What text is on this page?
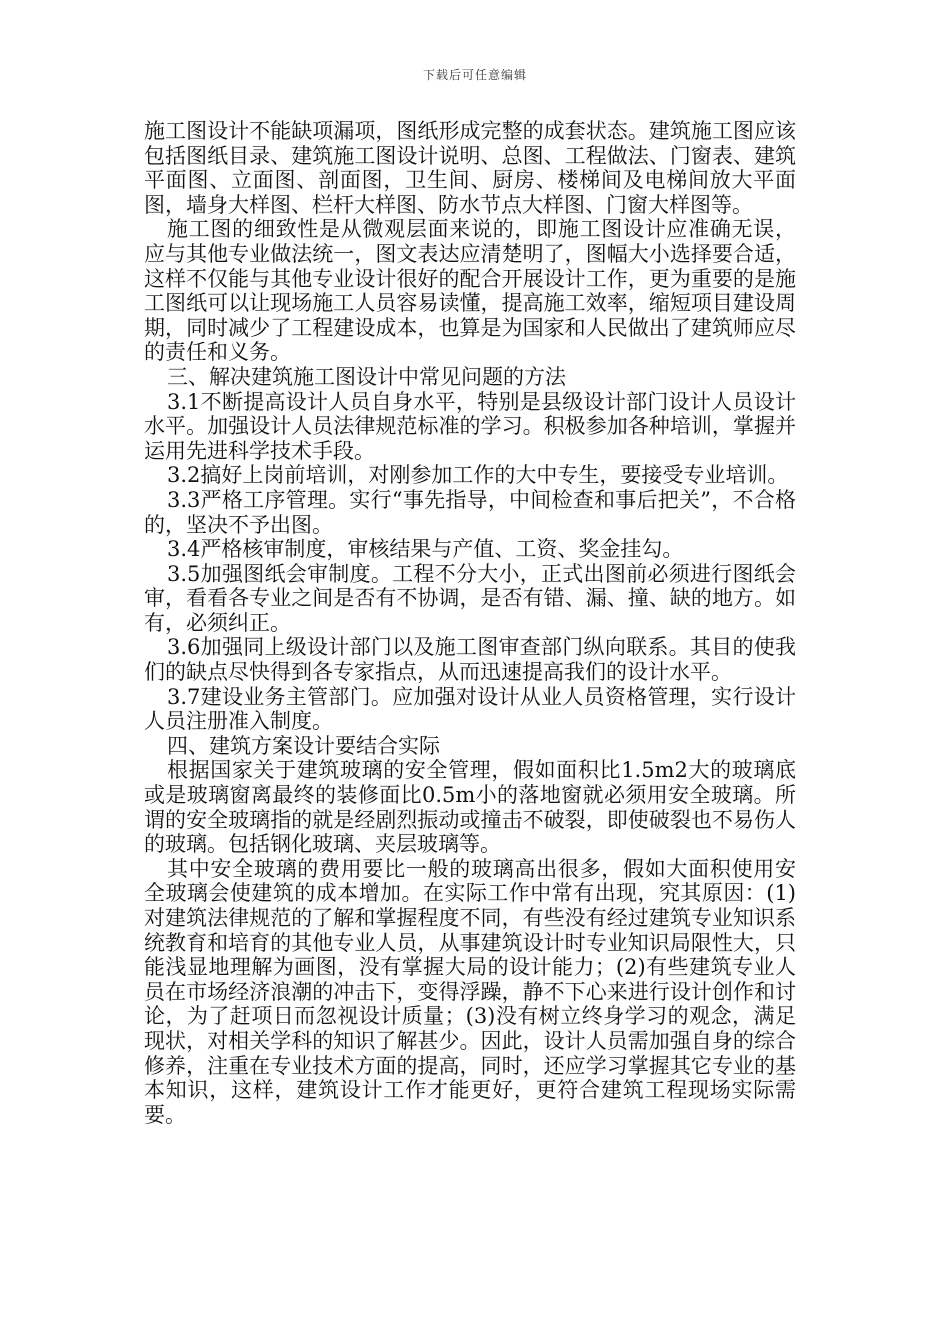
下载后可任意编辑

施工图设计不能缺项漏项，图纸形成完整的成套状态。建筑施工图应该包括图纸目录、建筑施工图设计说明、总图、工程做法、门窗表、建筑平面图、立面图、剖面图，卫生间、厨房、楼梯间及电梯间放大平面图，墙身大样图、栏杆大样图、防水节点大样图、门窗大样图等。

施工图的细致性是从微观层面来说的，即施工图设计应准确无误，应与其他专业做法统一，图文表达应清楚明了，图幅大小选择要合适，这样不仅能与其他专业设计很好的配合开展设计工作，更为重要的是施工图纸可以让现场施工人员容易读懂，提高施工效率，缩短项目建设周期，同时减少了工程建设成本，也算是为国家和人民做出了建筑师应尽的责任和义务。

三、解决建筑施工图设计中常见问题的方法

3.1不断提高设计人员自身水平，特别是县级设计部门设计人员设计水平。加强设计人员法律规范标准的学习。积极参加各种培训，掌握并运用先进科学技术手段。

3.2搞好上岗前培训，对刚参加工作的大中专生，要接受专业培训。

3.3严格工序管理。实行“事先指导，中间检查和事后把关”，不合格的，坚决不予出图。

3.4严格核审制度，审核结果与产值、工资、奖金挂勾。

3.5加强图纸会审制度。工程不分大小，正式出图前必须进行图纸会审，看看各专业之间是否有不协调，是否有错、漏、撞、缺的地方。如有，必须纠正。

3.6加强同上级设计部门以及施工图审查部门纵向联系。其目的使我们的缺点尽快得到各专家指点，从而迅速提高我们的设计水平。

3.7建设业务主管部门。应加强对设计从业人员资格管理，实行设计人员注册准入制度。

四、建筑方案设计要结合实际

根据国家关于建筑玻璃的安全管理，假如面积比1.5m2大的玻璃底或是玻璃窗离最终的装修面比0.5m小的落地窗就必须用安全玻璃。所谓的安全玻璃指的就是经剧烈振动或撞击不破裂，即使破裂也不易伤人的玻璃。包括钢化玻璃、夹层玻璃等。

其中安全玻璃的费用要比一般的玻璃高出很多，假如大面积使用安全玻璃会使建筑的成本增加。在实际工作中常有出现，究其原因：(1)对建筑法律规范的了解和掌握程度不同，有些没有经过建筑专业知识系统教育和培育的其他专业人员，从事建筑设计时专业知识局限性大，只能浅显地理解为画图，没有掌握大局的设计能力；(2)有些建筑专业人员在市场经济浪潮的冲击下，变得浮躁，静不下心来进行设计创作和讨论，为了赶项日而忽视设计质量；(3)没有树立终身学习的观念，满足现状，对相关学科的知识了解甚少。因此，设计人员需加强自身的综合修养，注重在专业技术方面的提高，同时，还应学习掌握其它专业的基本知识，这样，建筑设计工作才能更好，更符合建筑工程现场实际需要。
